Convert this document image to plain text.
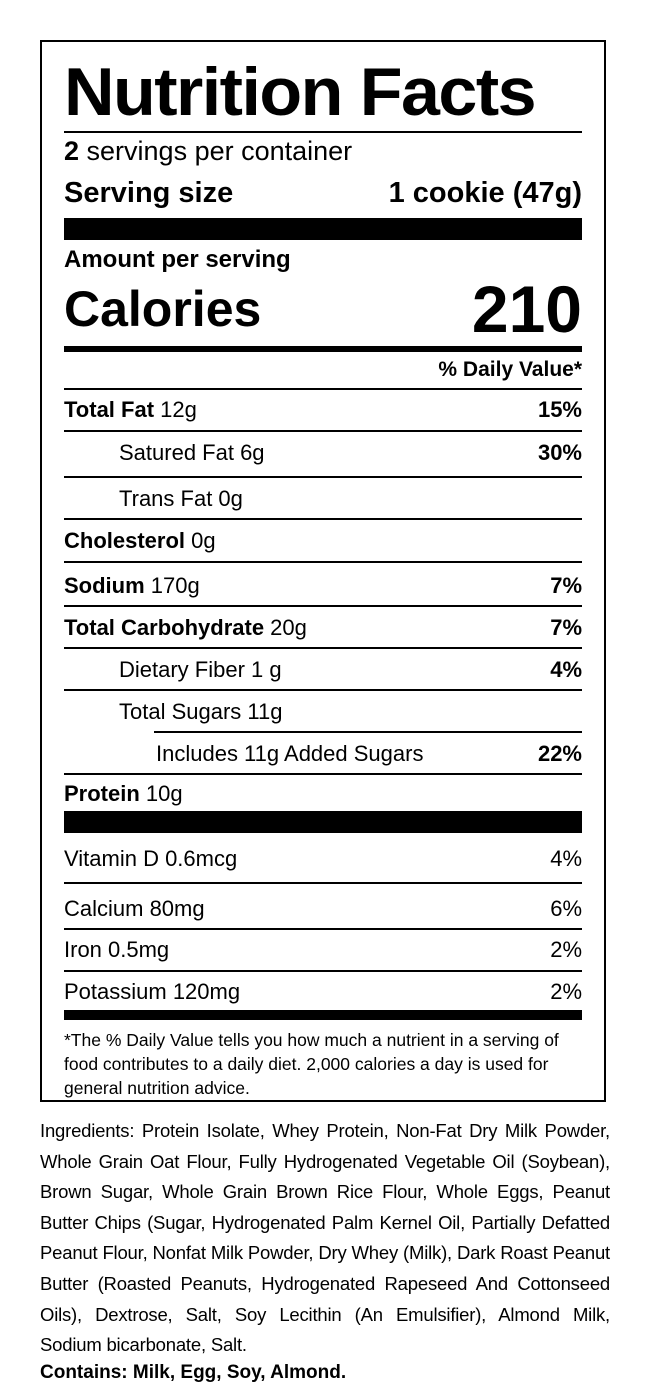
Nutrition Facts
2 servings per container
Serving size	1 cookie (47g)
Amount per serving
Calories	210
% Daily Value*
Total Fat 12g	15%
Satured Fat 6g	30%
Trans Fat 0g
Cholesterol 0g
Sodium 170g	7%
Total Carbohydrate 20g	7%
Dietary Fiber 1 g	4%
Total Sugars 11g
Includes 11g Added Sugars	22%
Protein 10g
Vitamin D 0.6mcg	4%
Calcium 80mg	6%
Iron 0.5mg	2%
Potassium 120mg	2%
*The % Daily Value tells you how much a nutrient in a serving of food contributes to a daily diet. 2,000 calories a day is used for general nutrition advice.
Ingredients: Protein Isolate, Whey Protein, Non-Fat Dry Milk Powder, Whole Grain Oat Flour, Fully Hydrogenated Vegetable Oil (Soybean), Brown Sugar, Whole Grain Brown Rice Flour, Whole Eggs, Peanut Butter Chips (Sugar, Hydrogenated Palm Kernel Oil, Partially Defatted Peanut Flour, Nonfat Milk Powder, Dry Whey (Milk), Dark Roast Peanut Butter (Roasted Peanuts, Hydrogenated Rapeseed And Cottonseed Oils), Dextrose, Salt, Soy Lecithin (An Emulsifier), Almond Milk, Sodium bicarbonate, Salt.
Contains: Milk, Egg, Soy, Almond.
